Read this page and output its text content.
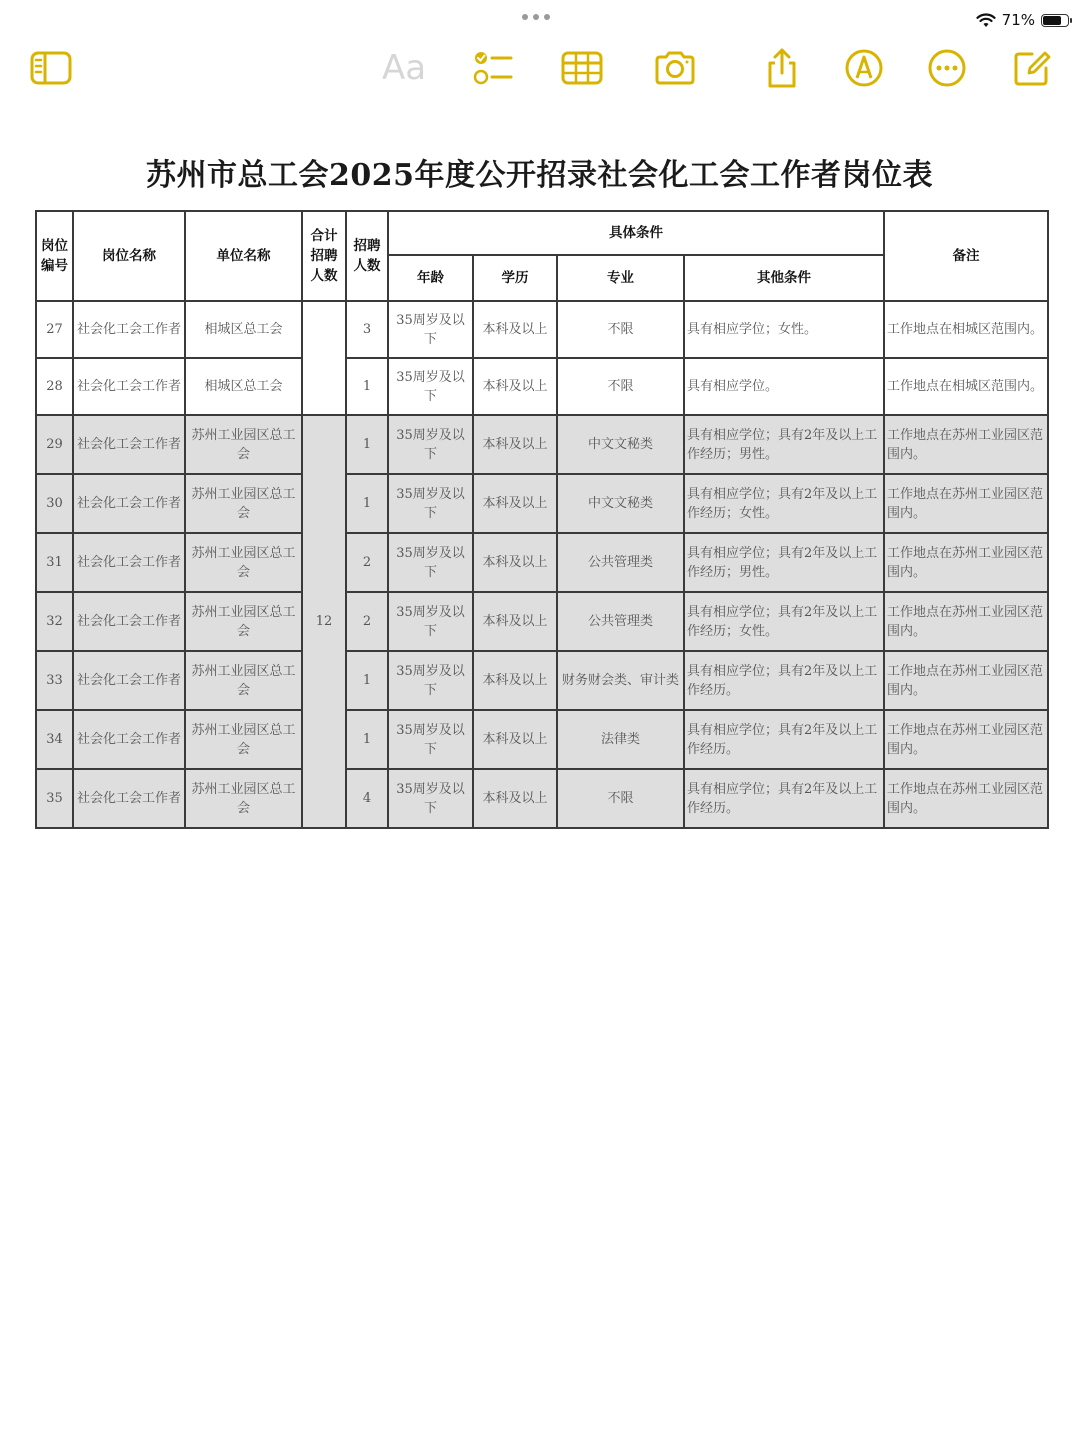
71%
Aa
苏州市总工会2025年度公开招录社会化工会工作者岗位表
岗位编号	岗位名称	单位名称	合计招聘人数	招聘人数	具体条件				备注
					年龄	学历	专业	其他条件	
27	社会化工会工作者	相城区总工会		3	35周岁及以下	本科及以上	不限	具有相应学位；女性。	工作地点在相城区范围内。
28	社会化工会工作者	相城区总工会		1	35周岁及以下	本科及以上	不限	具有相应学位。	工作地点在相城区范围内。
29	社会化工会工作者	苏州工业园区总工会	12	1	35周岁及以下	本科及以上	中文文秘类	具有相应学位；具有2年及以上工作经历；男性。	工作地点在苏州工业园区范围内。
30	社会化工会工作者	苏州工业园区总工会		1	35周岁及以下	本科及以上	中文文秘类	具有相应学位；具有2年及以上工作经历；女性。	工作地点在苏州工业园区范围内。
31	社会化工会工作者	苏州工业园区总工会		2	35周岁及以下	本科及以上	公共管理类	具有相应学位；具有2年及以上工作经历；男性。	工作地点在苏州工业园区范围内。
32	社会化工会工作者	苏州工业园区总工会		2	35周岁及以下	本科及以上	公共管理类	具有相应学位；具有2年及以上工作经历；女性。	工作地点在苏州工业园区范围内。
33	社会化工会工作者	苏州工业园区总工会		1	35周岁及以下	本科及以上	财务财会类、审计类	具有相应学位；具有2年及以上工作经历。	工作地点在苏州工业园区范围内。
34	社会化工会工作者	苏州工业园区总工会		1	35周岁及以下	本科及以上	法律类	具有相应学位；具有2年及以上工作经历。	工作地点在苏州工业园区范围内。
35	社会化工会工作者	苏州工业园区总工会		4	35周岁及以下	本科及以上	不限	具有相应学位；具有2年及以上工作经历。	工作地点在苏州工业园区范围内。
